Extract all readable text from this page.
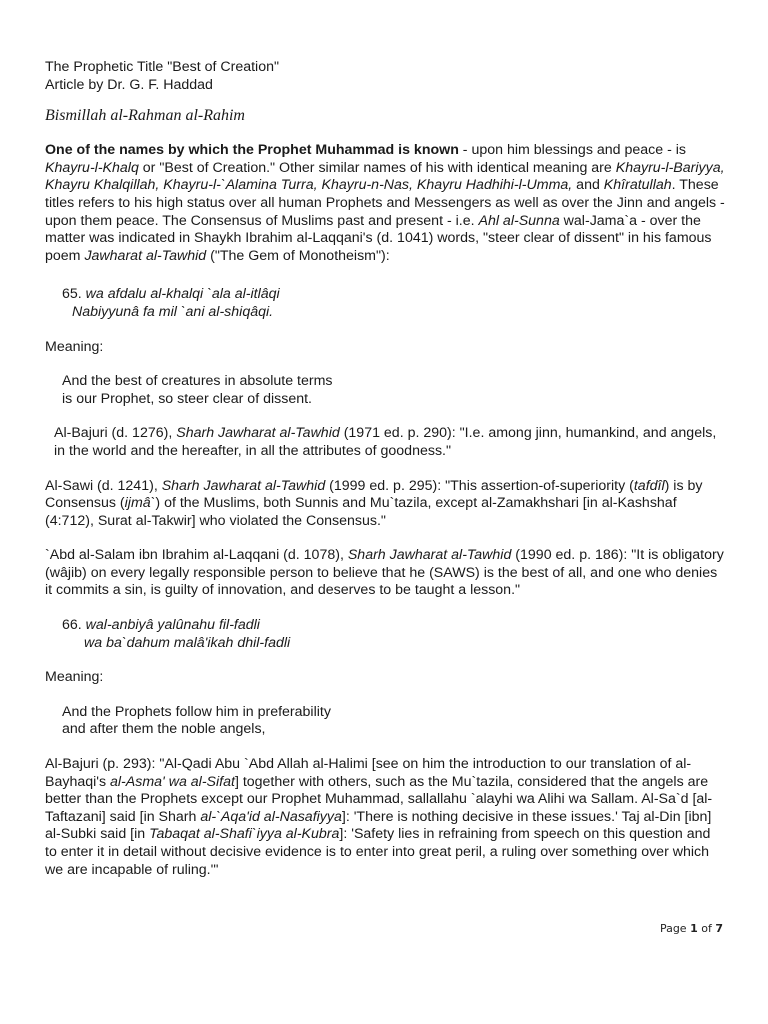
The Prophetic Title "Best of Creation"

Article by Dr. G. F. Haddad

Bismillah al-Rahman al-Rahim

One of the names by which the Prophet Muhammad is known - upon him blessings and peace - is Khayru-l-Khalq or "Best of Creation." Other similar names of his with identical meaning are Khayru-l-Bariyya, Khayru Khalqillah, Khayru-l-`Alamina Turra, Khayru-n-Nas, Khayru Hadhihi-l-Umma, and Khîratullah. These titles refers to his high status over all human Prophets and Messengers as well as over the Jinn and angels - upon them peace. The Consensus of Muslims past and present - i.e. Ahl al-Sunna wal-Jama`a - over the matter was indicated in Shaykh Ibrahim al-Laqqani's (d. 1041) words, "steer clear of dissent" in his famous poem Jawharat al-Tawhid ("The Gem of Monotheism"):

65. wa afdalu al-khalqi `ala al-itlâqi

Nabiyyunâ fa mil `ani al-shiqâqi.

Meaning:

And the best of creatures in absolute terms

is our Prophet, so steer clear of dissent.

Al-Bajuri (d. 1276), Sharh Jawharat al-Tawhid (1971 ed. p. 290): "I.e. among jinn, humankind, and angels, in the world and the hereafter, in all the attributes of goodness."

Al-Sawi (d. 1241), Sharh Jawharat al-Tawhid (1999 ed. p. 295): "This assertion-of-superiority (tafdîl) is by Consensus (ijmâ`) of the Muslims, both Sunnis and Mu`tazila, except al-Zamakhshari [in al-Kashshaf (4:712), Surat al-Takwir] who violated the Consensus."

`Abd al-Salam ibn Ibrahim al-Laqqani (d. 1078), Sharh Jawharat al-Tawhid (1990 ed. p. 186): "It is obligatory (wâjib) on every legally responsible person to believe that he (SAWS) is the best of all, and one who denies it commits a sin, is guilty of innovation, and deserves to be taught a lesson."

66. wal-anbiyâ yalûnahu fil-fadli

wa ba`dahum malâ'ikah dhil-fadli

Meaning:

And the Prophets follow him in preferability

and after them the noble angels,

Al-Bajuri (p. 293): "Al-Qadi Abu `Abd Allah al-Halimi [see on him the introduction to our translation of al-Bayhaqi's al-Asma' wa al-Sifat] together with others, such as the Mu`tazila, considered that the angels are better than the Prophets except our Prophet Muhammad, sallallahu `alayhi wa Alihi wa Sallam. Al-Sa`d [al-Taftazani] said [in Sharh al-`Aqa'id al-Nasafiyya]: 'There is nothing decisive in these issues.' Taj al-Din [ibn] al-Subki said [in Tabaqat al-Shafi`iyya al-Kubra]: 'Safety lies in refraining from speech on this question and to enter it in detail without decisive evidence is to enter into great peril, a ruling over something over which we are incapable of ruling.'"

Page 1 of 7
